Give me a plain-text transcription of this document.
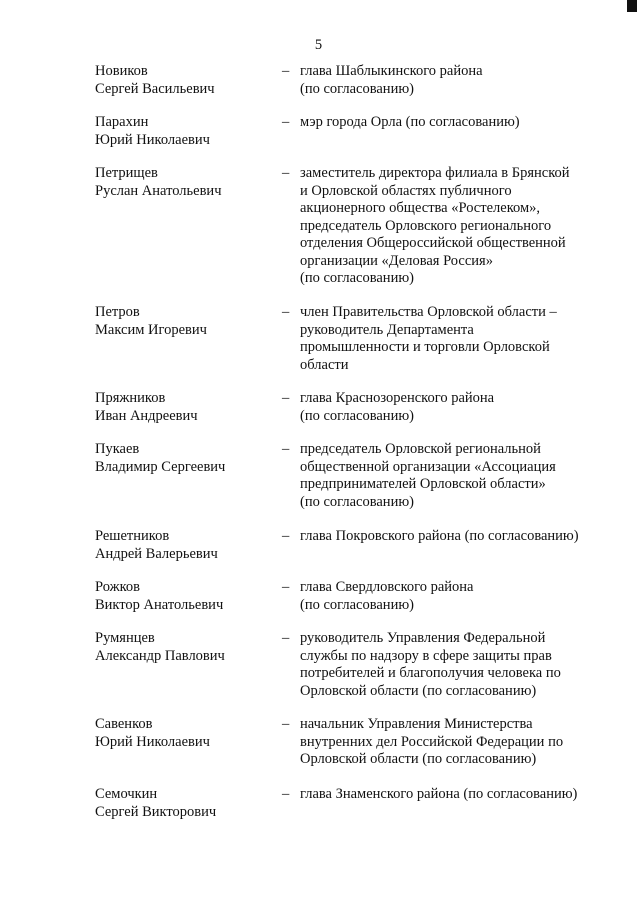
5
Новиков
Сергей Васильевич
– глава Шаблыкинского района
(по согласованию)
Парахин
Юрий Николаевич
– мэр города Орла (по согласованию)
Петрищев
Руслан Анатольевич
– заместитель директора филиала в Брянской
и Орловской областях публичного
акционерного общества «Ростелеком»,
председатель Орловского регионального
отделения Общероссийской общественной
организации «Деловая Россия»
(по согласованию)
Петров
Максим Игоревич
– член Правительства Орловской области –
руководитель Департамента
промышленности и торговли Орловской
области
Пряжников
Иван Андреевич
– глава Краснозоренского района
(по согласованию)
Пукаев
Владимир Сергеевич
– председатель Орловской региональной
общественной организации «Ассоциация
предпринимателей Орловской области»
(по согласованию)
Решетников
Андрей Валерьевич
– глава Покровского района (по согласованию)
Рожков
Виктор Анатольевич
– глава Свердловского района
(по согласованию)
Румянцев
Александр Павлович
– руководитель Управления Федеральной
службы по надзору в сфере защиты прав
потребителей и благополучия человека по
Орловской области (по согласованию)
Савенков
Юрий Николаевич
– начальник Управления Министерства
внутренних дел Российской Федерации по
Орловской области (по согласованию)
Семочкин
Сергей Викторович
– глава Знаменского района (по согласованию)
